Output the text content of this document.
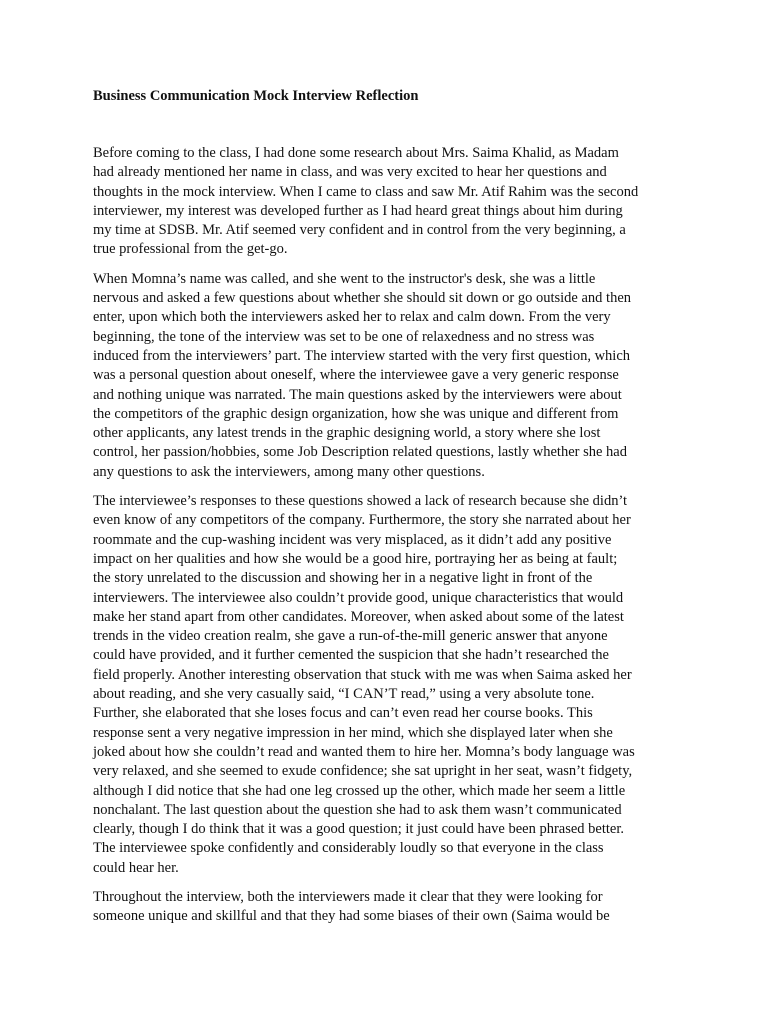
Business Communication Mock Interview Reflection

Before coming to the class, I had done some research about Mrs. Saima Khalid, as Madam
had already mentioned her name in class, and was very excited to hear her questions and
thoughts in the mock interview. When I came to class and saw Mr. Atif Rahim was the second
interviewer, my interest was developed further as I had heard great things about him during
my time at SDSB. Mr. Atif seemed very confident and in control from the very beginning, a
true professional from the get-go.

When Momna’s name was called, and she went to the instructor's desk, she was a little
nervous and asked a few questions about whether she should sit down or go outside and then
enter, upon which both the interviewers asked her to relax and calm down. From the very
beginning, the tone of the interview was set to be one of relaxedness and no stress was
induced from the interviewers’ part. The interview started with the very first question, which
was a personal question about oneself, where the interviewee gave a very generic response
and nothing unique was narrated. The main questions asked by the interviewers were about
the competitors of the graphic design organization, how she was unique and different from
other applicants, any latest trends in the graphic designing world, a story where she lost
control, her passion/hobbies, some Job Description related questions, lastly whether she had
any questions to ask the interviewers, among many other questions.

The interviewee’s responses to these questions showed a lack of research because she didn’t
even know of any competitors of the company. Furthermore, the story she narrated about her
roommate and the cup-washing incident was very misplaced, as it didn’t add any positive
impact on her qualities and how she would be a good hire, portraying her as being at fault;
the story unrelated to the discussion and showing her in a negative light in front of the
interviewers. The interviewee also couldn’t provide good, unique characteristics that would
make her stand apart from other candidates. Moreover, when asked about some of the latest
trends in the video creation realm, she gave a run-of-the-mill generic answer that anyone
could have provided, and it further cemented the suspicion that she hadn’t researched the
field properly. Another interesting observation that stuck with me was when Saima asked her
about reading, and she very casually said, “I CAN’T read,” using a very absolute tone.
Further, she elaborated that she loses focus and can’t even read her course books. This
response sent a very negative impression in her mind, which she displayed later when she
joked about how she couldn’t read and wanted them to hire her. Momna’s body language was
very relaxed, and she seemed to exude confidence; she sat upright in her seat, wasn’t fidgety,
although I did notice that she had one leg crossed up the other, which made her seem a little
nonchalant. The last question about the question she had to ask them wasn’t communicated
clearly, though I do think that it was a good question; it just could have been phrased better.
The interviewee spoke confidently and considerably loudly so that everyone in the class
could hear her.

Throughout the interview, both the interviewers made it clear that they were looking for
someone unique and skillful and that they had some biases of their own (Saima would be
